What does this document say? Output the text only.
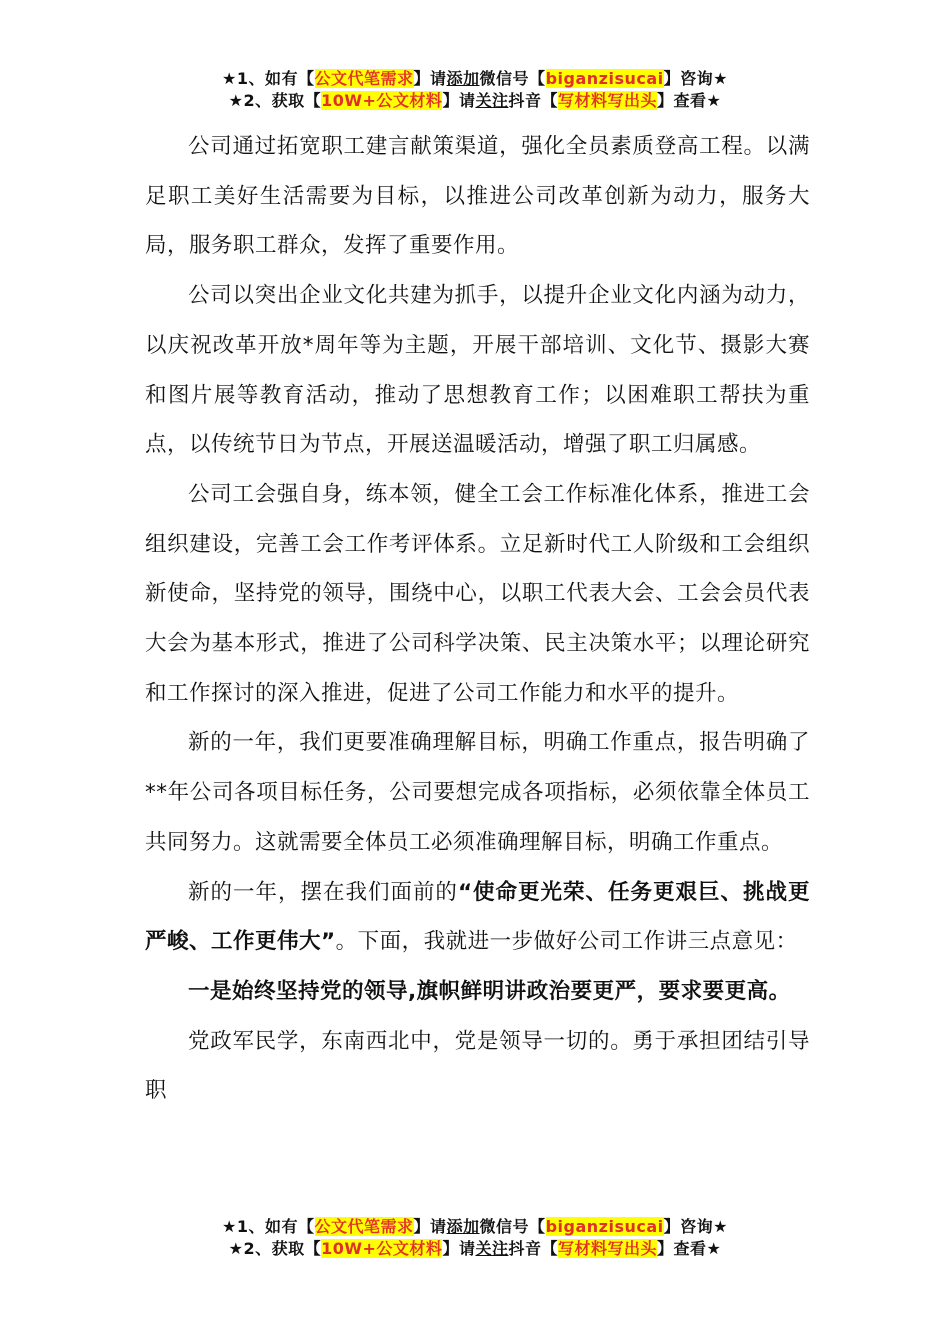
★1、如有【公文代笔需求】请添加微信号【biganzisucai】咨询★
★2、获取【10W+公文材料】请关注抖音【写材料写出头】查看★

公司通过拓宽职工建言献策渠道，强化全员素质登高工程。以满足职工美好生活需要为目标，以推进公司改革创新为动力，服务大局，服务职工群众，发挥了重要作用。

公司以突出企业文化共建为抓手，以提升企业文化内涵为动力，以庆祝改革开放*周年等为主题，开展干部培训、文化节、摄影大赛和图片展等教育活动，推动了思想教育工作；以困难职工帮扶为重点，以传统节日为节点，开展送温暖活动，增强了职工归属感。

公司工会强自身，练本领，健全工会工作标准化体系，推进工会组织建设，完善工会工作考评体系。立足新时代工人阶级和工会组织新使命，坚持党的领导，围绕中心，以职工代表大会、工会会员代表大会为基本形式，推进了公司科学决策、民主决策水平；以理论研究和工作探讨的深入推进，促进了公司工作能力和水平的提升。

新的一年，我们更要准确理解目标，明确工作重点，报告明确了**年公司各项目标任务，公司要想完成各项指标，必须依靠全体员工共同努力。这就需要全体员工必须准确理解目标，明确工作重点。

新的一年，摆在我们面前的“使命更光荣、任务更艰巨、挑战更严峻、工作更伟大”。下面，我就进一步做好公司工作讲三点意见：

一是始终坚持党的领导,旗帜鲜明讲政治要更严，要求要更高。

党政军民学，东南西北中，党是领导一切的。勇于承担团结引导职

★1、如有【公文代笔需求】请添加微信号【biganzisucai】咨询★
★2、获取【10W+公文材料】请关注抖音【写材料写出头】查看★
